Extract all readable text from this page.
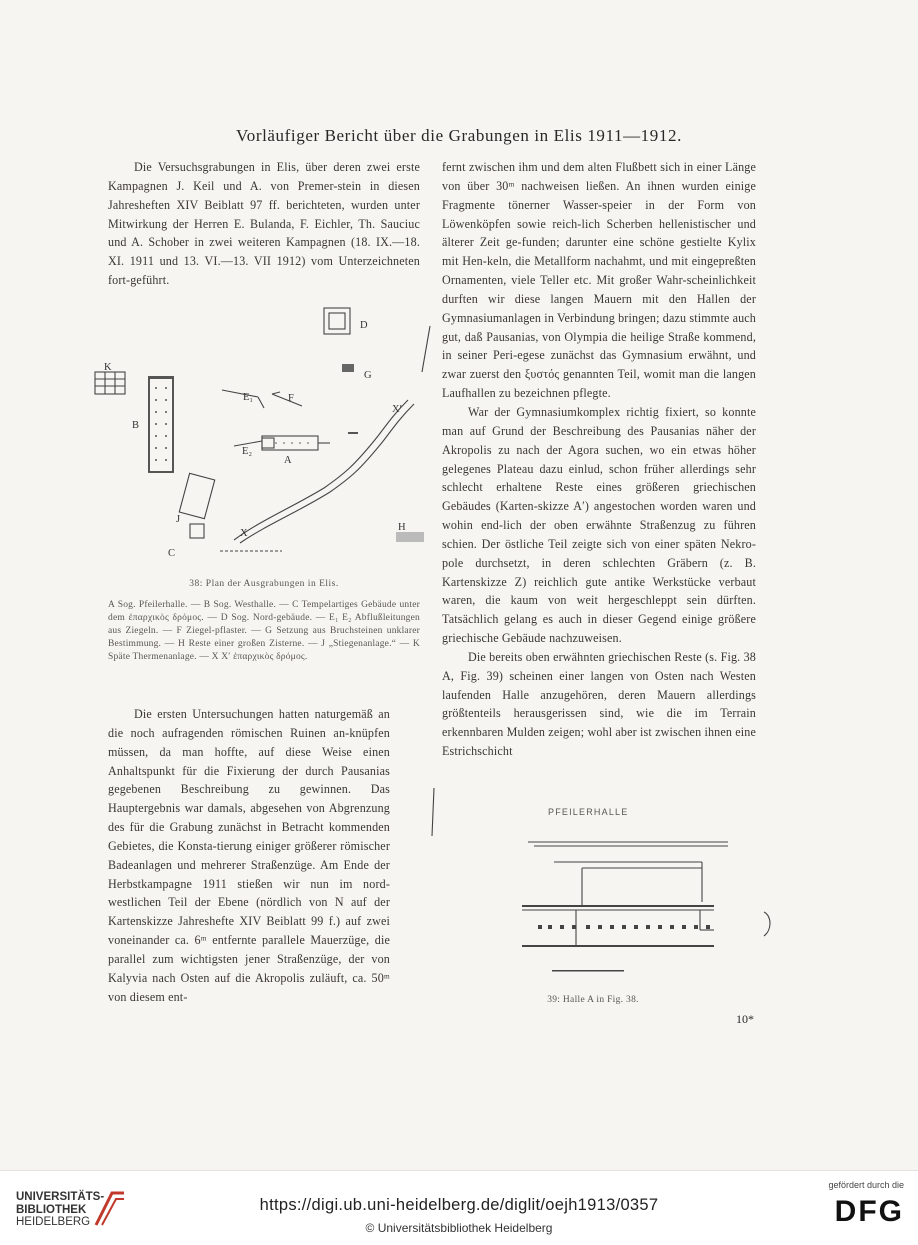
Vorläufiger Bericht über die Grabungen in Elis 1911—1912.

Die Versuchsgrabungen in Elis, über deren zwei erste Kampagnen J. Keil und A. von Premer-stein in diesen Jahresheften XIV Beiblatt 97 ff. berichteten, wurden unter Mitwirkung der Herren E. Bulanda, F. Eichler, Th. Sauciuc und A. Schober in zwei weiteren Kampagnen (18. IX.—18. XI. 1911 und 13. VI.—13. VII 1912) vom Unterzeichneten fort-geführt.

D
K
B
G
E₁	F
X′
E₂
A
J
X
H
C
38: Plan der Ausgrabungen in Elis.
A Sog. Pfeilerhalle. — B Sog. Westhalle. — C Tempelartiges Gebäude unter dem ἐπαρχικὸς δρόμος. — D Sog. Nord-gebäude. — E₁ E₂ Abflußleitungen aus Ziegeln. — F Ziegel-pflaster. — G Setzung aus Bruchsteinen unklarer Bestimmung. — H Reste einer großen Zisterne. — J „Stiegenanlage.“ — K Späte Thermenanlage. — X X′ ἐπαρχικὸς δρόμος.

Die ersten Untersuchungen hatten naturgemäß an die noch aufragenden römischen Ruinen an-knüpfen müssen, da man hoffte, auf diese Weise einen Anhaltspunkt für die Fixierung der durch Pausanias gegebenen Beschreibung zu gewinnen. Das Hauptergebnis war damals, abgesehen von Abgrenzung des für die Grabung zunächst in Betracht kommenden Gebietes, die Konsta-tierung einiger größerer römischer Badeanlagen und mehrerer Straßenzüge. Am Ende der Herbstkampagne 1911 stießen wir nun im nord-westlichen Teil der Ebene (nördlich von N auf der Kartenskizze Jahreshefte XIV Beiblatt 99 f.) auf zwei voneinander ca. 6ᵐ entfernte parallele Mauerzüge, die parallel zum wichtigsten jener Straßenzüge, der von Kalyvia nach Osten auf die Akropolis zuläuft, ca. 50ᵐ von diesem ent-

fernt zwischen ihm und dem alten Flußbett sich in einer Länge von über 30ᵐ nachweisen ließen. An ihnen wurden einige Fragmente tönerner Wasser-speier in der Form von Löwenköpfen sowie reich-lich Scherben hellenistischer und älterer Zeit ge-funden; darunter eine schöne gestielte Kylix mit Hen-keln, die Metallform nachahmt, und mit eingepreßten Ornamenten, viele Teller etc. Mit großer Wahr-scheinlichkeit durften wir diese langen Mauern mit den Hallen der Gymnasiumanlagen in Verbindung bringen; dazu stimmte auch gut, daß Pausanias, von Olympia die heilige Straße kommend, in seiner Peri-egese zunächst das Gymnasium erwähnt, und zwar zuerst den ξυστός genannten Teil, womit man die langen Laufhallen zu bezeichnen pflegte.

War der Gymnasiumkomplex richtig fixiert, so konnte man auf Grund der Beschreibung des Pausanias näher der Akropolis zu nach der Agora suchen, wo ein etwas höher gelegenes Plateau dazu einlud, schon früher allerdings sehr schlecht erhaltene Reste eines größeren griechischen Gebäudes (Karten-skizze A′) angestochen worden waren und wohin end-lich der oben erwähnte Straßenzug zu führen schien. Der östliche Teil zeigte sich von einer späten Nekro-pole durchsetzt, in deren schlechten Gräbern (z. B. Kartenskizze Z) reichlich gute antike Werkstücke verbaut waren, die kaum von weit hergeschleppt sein dürften. Tatsächlich gelang es auch in dieser Gegend einige größere griechische Gebäude nachzuweisen.

Die bereits oben erwähnten griechischen Reste (s. Fig. 38 A, Fig. 39) scheinen einer langen von Osten nach Westen laufenden Halle anzugehören, deren Mauern allerdings größtenteils herausgerissen sind, wie die im Terrain erkennbaren Mulden zeigen; wohl aber ist zwischen ihnen eine Estrichschicht

PFEILERHALLE
39: Halle A in Fig. 38.
10*
UNIVERSITÄTS-
BIBLIOTHEK
HEIDELBERG
https://digi.ub.uni-heidelberg.de/diglit/oejh1913/0357
© Universitätsbibliothek Heidelberg
gefördert durch die
DFG
